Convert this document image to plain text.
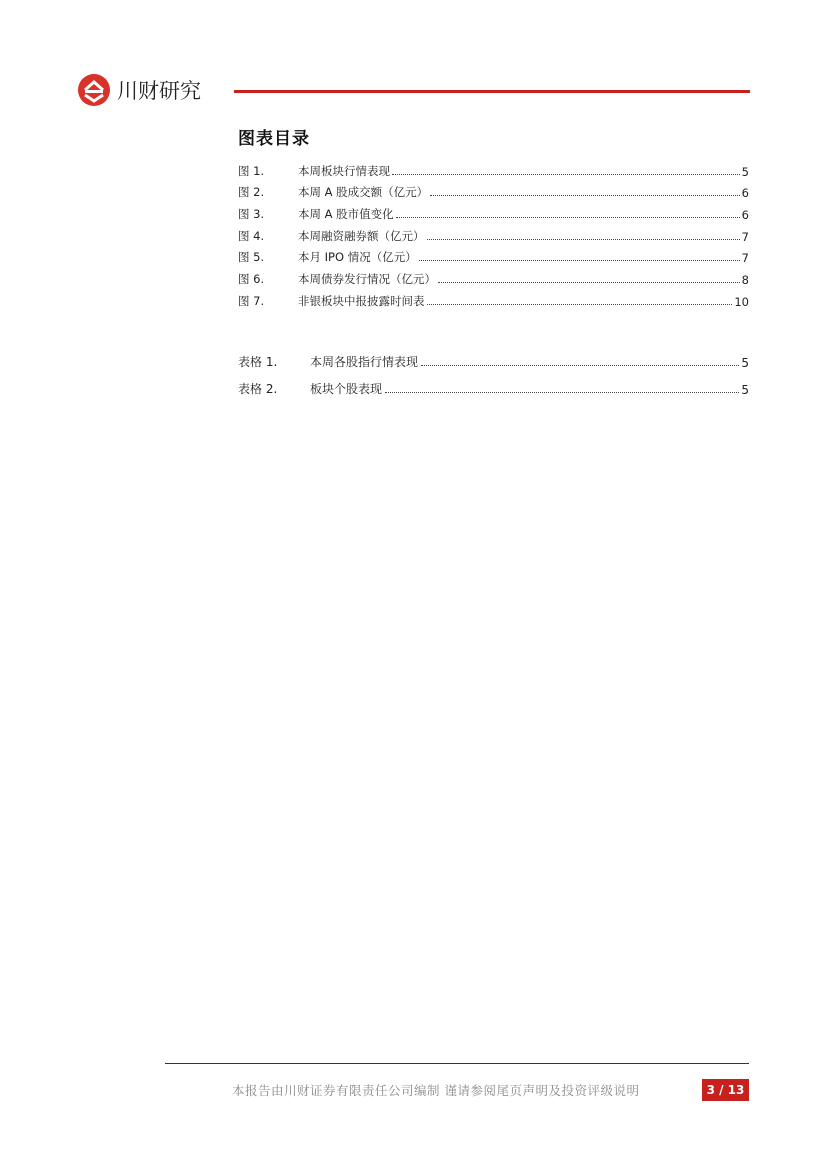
川财研究
图表目录
图 1.	本周板块行情表现	5
图 2.	本周 A 股成交额（亿元）	6
图 3.	本周 A 股市值变化	6
图 4.	本周融资融券额（亿元）	7
图 5.	本月 IPO 情况（亿元）	7
图 6.	本周债券发行情况（亿元）	8
图 7.	非银板块中报披露时间表	10
表格 1.	本周各股指行情表现	5
表格 2.	板块个股表现	5
本报告由川财证券有限责任公司编制 谨请参阅尾页声明及投资评级说明	3 / 13
